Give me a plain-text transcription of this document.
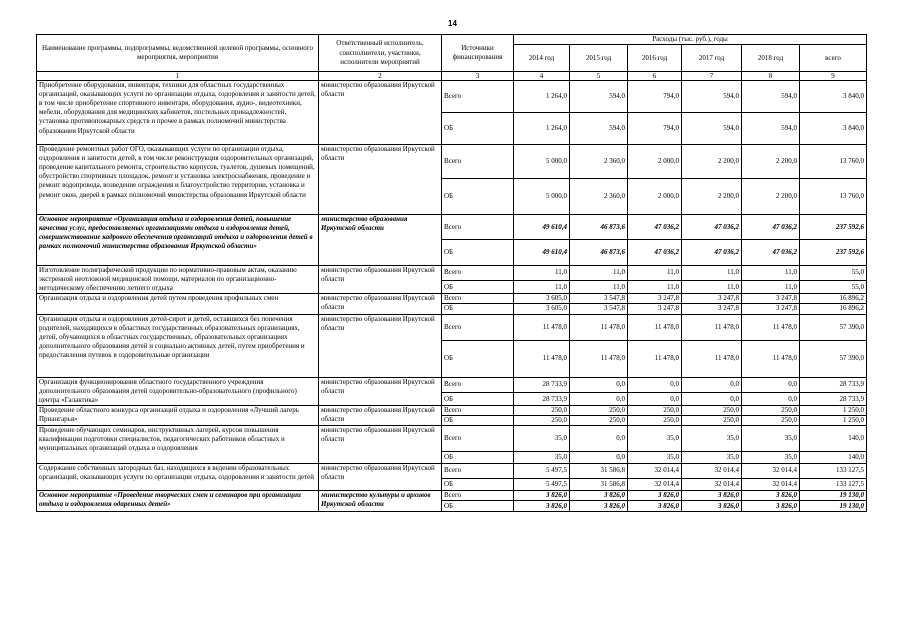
14
Наименование программы, подпрограммы, ведомственной целевой программы, основного мероприятия, мероприятия	Ответственный исполнитель, соисполнители, участники, исполнители мероприятий	Источники финансирования	Расходы (тыс. руб.), годы					
			2014 год	2015 год	2016 год	2017 год	2018 год	всего
1	2	3	4	5	6	7	8	9
Приобретение оборудования, инвентаря, техники для областных государственных организаций, оказывающих услуги по организации отдыха, оздоровления и занятости детей, в том числе приобретение спортивного инвентаря, оборудования, аудио-, видеотехники, мебели, оборудования для медицинских кабинетов, постельных принадлежностей, установка противопожарных средств и прочее в рамках полномочий министерства образования Иркутской области	министерство образования Иркутской области	Всего	1 264,0	594,0	794,0	594,0	594,0	3 840,0
		ОБ	1 264,0	594,0	794,0	594,0	594,0	3 840,0
Проведение ремонтных работ ОГО, оказывающих услуги по организации отдыха, оздоровления и занятости детей, в том числе реконструкция оздоровительных организаций, проведение капитального ремонта, строительство корпусов, туалетов, душевых помещений, обустройство спортивных площадок, ремонт и установка электроснабжения, проведение и ремонт водопровода, возведение ограждения и благоустройство территории, установка и ремонт окон, дверей в рамках полномочий министерства образования Иркутской области	министерство образования Иркутской области	Всего	5 000,0	2 360,0	2 000,0	2 200,0	2 200,0	13 760,0
		ОБ	5 000,0	2 360,0	2 000,0	2 200,0	2 200,0	13 760,0
Основное мероприятие «Организация отдыха и оздоровления детей, повышение качества услуг, предоставляемых организациями отдыха и оздоровления детей, совершенствование кадрового обеспечения организаций отдыха и оздоровления детей в рамках полномочий министерства образования Иркутской области»	министерство образования Иркутской области	Всего	49 610,4	46 873,6	47 036,2	47 036,2	47 036,2	237 592,6
		ОБ	49 610,4	46 873,6	47 036,2	47 036,2	47 036,2	237 592,6
Изготовление полиграфической продукции по нормативно-правовым актам, оказанию экстренной неотложной медицинской помощи, материалов по организационно-методическому обеспечению летнего отдыха	министерство образования Иркутской области	Всего	11,0	11,0	11,0	11,0	11,0	55,0
		ОБ	11,0	11,0	11,0	11,0	11,0	55,0
Организация отдыха и оздоровления детей путем проведения профильных смен	министерство образования Иркутской области	Всего	3 605,0	3 547,8	3 247,8	3 247,8	3 247,8	16 896,2
		ОБ	3 605,0	3 547,8	3 247,8	3 247,8	3 247,8	16 896,2
Организация отдыха и оздоровления детей-сирот и детей, оставшихся без попечения родителей, находящихся в областных государственных образовательных организациях, детей, обучающихся в областных государственных, образовательных организациях дополнительного образования детей и социально активных детей, путем приобретения и предоставления путевок в оздоровительные организации	министерство образования Иркутской области	Всего	11 478,0	11 478,0	11 478,0	11 478,0	11 478,0	57 390,0
		ОБ	11 478,0	11 478,0	11 478,0	11 478,0	11 478,0	57 390,0
Организация функционирования областного государственного учреждения дополнительного образования детей оздоровительно-образовательного (профильного) центра «Галактика»	министерство образования Иркутской области	Всего	28 733,9	0,0	0,0	0,0	0,0	28 733,9
		ОБ	28 733,9	0,0	0,0	0,0	0,0	28 733,9
Проведение областного конкурса организаций отдыха и оздоровления «Лучший лагерь Приангарья»	министерство образования Иркутской области	Всего	250,0	250,0	250,0	250,0	250,0	1 250,0
		ОБ	250,0	250,0	250,0	250,0	250,0	1 250,0
Проведение обучающих семинаров, инструктивных лагерей, курсов повышения квалификации подготовки специалистов, педагогических работников областных и муниципальных организаций отдыха и оздоровления	министерство образования Иркутской области	Всего	35,0	0,0	35,0	35,0	35,0	140,0
		ОБ	35,0	0,0	35,0	35,0	35,0	140,0
Содержание собственных загородных баз, находящихся в ведении образовательных организаций, оказывающих услуги по организации отдыха, оздоровления и занятости детей	министерство образования Иркутской области	Всего	5 497,5	31 586,8	32 014,4	32 014,4	32 014,4	133 127,5
		ОБ	5 497,5	31 586,8	32 014,4	32 014,4	32 014,4	133 127,5
Основное мероприятие «Проведение творческих смен и семинаров при организации отдыха и оздоровления одаренных детей»	министерство культуры и архивов Иркутской области	Всего	3 826,0	3 826,0	3 826,0	3 826,0	3 826,0	19 130,0
		ОБ	3 826,0	3 826,0	3 826,0	3 826,0	3 826,0	19 130,0
